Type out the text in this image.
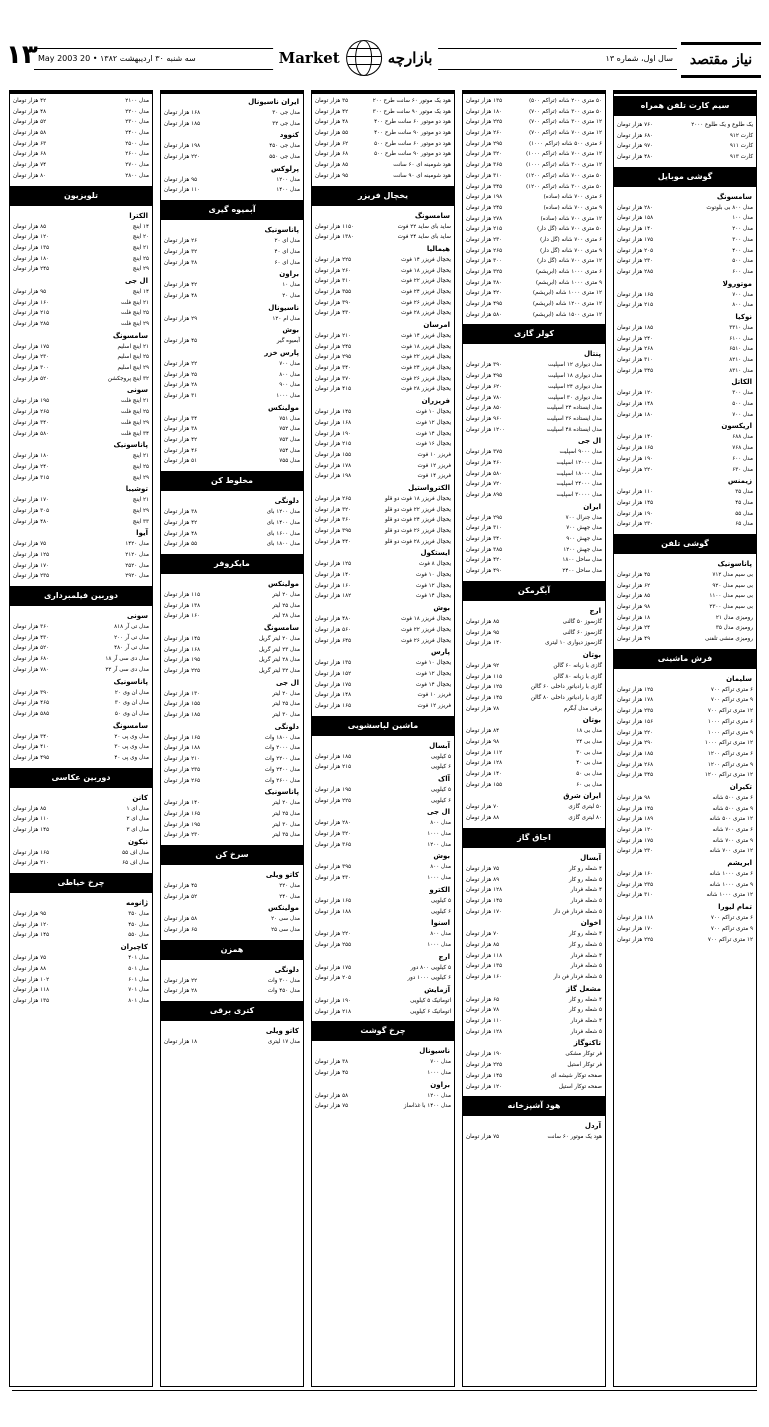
۱۳	نیاز مقتصد
سال اول، شماره ۱۳
Market	بازارچه
سه شنبه ۳۰ اردیبهشت ۱۳۸۲ • 20 May 2003
سیم کارت تلفن همراه
یک طلوع و یک طلوع ۲۰۰۰
۷۶۰ هزار تومان
کارت ۹۱۲
۶۸۰ هزار تومان
کارت ۹۱۱
۹۷۰ هزار تومان
کارت ۹۱۳
۴۸۰ هزار تومان
گوشی موبایل
سامسونگ
مدل ۸۰۰ بی بلوتوث
۲۸۰ هزار تومان
مدل ۱۰۰
۱۵۸ هزار تومان
مدل ۲۰۰
۱۴۰ هزار تومان
مدل ۳۰۰
۱۷۵ هزار تومان
مدل ۴۰۰
۲۰۵ هزار تومان
مدل ۵۰۰
۲۳۰ هزار تومان
مدل ۶۰۰
۲۸۵ هزار تومان
موتورولا
مدل ۷۰۰
۱۶۵ هزار تومان
مدل ۸۰۰
۲۱۵ هزار تومان
نوکیا
مدل ۳۳۱۰
۱۸۵ هزار تومان
مدل ۶۱۰۰
۲۴۰ هزار تومان
مدل ۶۵۱۰
۲۶۸ هزار تومان
مدل ۸۲۱۰
۳۱۰ هزار تومان
مدل ۸۳۱۰
۳۴۵ هزار تومان
الکاتل
مدل ۳۰۰
۱۲۰ هزار تومان
مدل ۵۰۰
۱۴۸ هزار تومان
مدل ۷۰۰
۱۸۰ هزار تومان
اریکسون
مدل ۶۸۸
۱۴۰ هزار تومان
مدل ۷۶۸
۱۶۵ هزار تومان
مدل ۶۰۰
۱۹۰ هزار تومان
مدل ۶۳۰
۲۲۰ هزار تومان
زیمنس
مدل ۳۵
۱۱۰ هزار تومان
مدل ۴۵
۱۴۵ هزار تومان
مدل ۵۵
۱۹۰ هزار تومان
مدل ۶۵
۲۳۰ هزار تومان
گوشی تلفن
پاناسونیک
بی سیم مدل ۷۱۲
۴۵ هزار تومان
بی سیم مدل ۹۲۰
۶۲ هزار تومان
بی سیم مدل ۱۱۰۰
۸۵ هزار تومان
بی سیم مدل ۲۳۰۰
۹۸ هزار تومان
رومیزی مدل ۲۱
۱۸ هزار تومان
رومیزی مدل ۳۵
۲۴ هزار تومان
رومیزی منشی تلفنی
۴۹ هزار تومان
فرش ماشینی
سلیمان
۶ متری تراکم ۷۰۰
۱۲۵ هزار تومان
۹ متری تراکم ۷۰۰
۱۷۸ هزار تومان
۱۲ متری تراکم ۷۰۰
۲۳۵ هزار تومان
۶ متری تراکم ۱۰۰۰
۱۵۶ هزار تومان
۹ متری تراکم ۱۰۰۰
۲۲۰ هزار تومان
۱۲ متری تراکم ۱۰۰۰
۲۹۰ هزار تومان
۶ متری تراکم ۱۲۰۰
۱۸۵ هزار تومان
۹ متری تراکم ۱۲۰۰
۲۶۸ هزار تومان
۱۲ متری تراکم ۱۲۰۰
۳۴۵ هزار تومان
تکیران
۶ متری ۵۰۰ شانه
۹۸ هزار تومان
۹ متری ۵۰۰ شانه
۱۴۵ هزار تومان
۱۲ متری ۵۰۰ شانه
۱۸۹ هزار تومان
۶ متری ۷۰۰ شانه
۱۲۰ هزار تومان
۹ متری ۷۰۰ شانه
۱۷۵ هزار تومان
۱۲ متری ۷۰۰ شانه
۲۳۰ هزار تومان
ابریشم
۶ متری ۱۰۰۰ شانه
۱۶۰ هزار تومان
۹ متری ۱۰۰۰ شانه
۲۳۵ هزار تومان
۱۲ متری ۱۰۰۰ شانه
۳۱۰ هزار تومان
تمام لیورا
۶ متری تراکم ۷۰۰
۱۱۸ هزار تومان
۹ متری تراکم ۷۰۰
۱۷۰ هزار تومان
۱۲ متری تراکم ۷۰۰
۲۲۵ هزار تومان
۵۰ متری ۲۰۰ شانه (تراکم ۵۰۰)
۱۳۵ هزار تومان
۵۰ متری ۳۰۰ شانه (تراکم ۷۰۰)
۱۸۰ هزار تومان
۱۲ متری ۳۰۰ شانه (تراکم ۷۰۰)
۲۲۵ هزار تومان
۱۲ متری ۷۰۰ شانه (تراکم ۷۰۰)
۲۶۰ هزار تومان
۶ متری ۵۰۰ شانه (تراکم ۱۰۰۰)
۲۹۵ هزار تومان
۱۲ متری ۷۰۰ شانه (تراکم ۱۰۰۰)
۳۲۰ هزار تومان
۱۲ متری ۳۰۰ شانه (تراکم ۱۰۰۰)
۳۶۵ هزار تومان
۵۰ متری ۷۰۰ شانه (تراکم ۱۲۰۰)
۳۱۰ هزار تومان
۵۰ متری ۳۰۰ شانه (تراکم ۱۲۰۰)
۳۴۵ هزار تومان
۶ متری ۷۰۰ شانه (ساده)
۱۹۸ هزار تومان
۹ متری ۷۰۰ شانه (ساده)
۲۴۵ هزار تومان
۱۲ متری ۷۰۰ شانه (ساده)
۲۷۸ هزار تومان
۵۰ متری ۷۰۰ شانه (گل دار)
۲۱۵ هزار تومان
۶ متری ۷۰۰ شانه (گل دار)
۲۳۰ هزار تومان
۹ متری ۷۰۰ شانه (گل دار)
۲۶۵ هزار تومان
۱۲ متری ۷۰۰ شانه (گل دار)
۳۰۰ هزار تومان
۶ متری ۱۰۰۰ شانه (ابریشم)
۳۲۵ هزار تومان
۹ متری ۱۰۰۰ شانه (ابریشم)
۳۸۰ هزار تومان
۱۲ متری ۱۰۰۰ شانه (ابریشم)
۴۲۰ هزار تومان
۱۲ متری ۱۲۰۰ شانه (ابریشم)
۴۹۵ هزار تومان
۱۲ متری ۱۵۰۰ شانه (ابریشم)
۵۸۰ هزار تومان
کولر گازی
پنتال
مدل دیواری ۱۲ اسپلیت
۳۹۰ هزار تومان
مدل دیواری ۱۸ اسپلیت
۴۹۵ هزار تومان
مدل دیواری ۲۴ اسپلیت
۶۲۰ هزار تومان
مدل دیواری ۳۰ اسپلیت
۷۸۰ هزار تومان
مدل ایستاده ۲۴ اسپلیت
۸۵۰ هزار تومان
مدل ایستاده ۳۶ اسپلیت
۹۶۰ هزار تومان
مدل ایستاده ۴۸ اسپلیت
۱۲۰۰ هزار تومان
ال جی
مدل ۹۰۰۰ اسپلیت
۳۷۵ هزار تومان
مدل ۱۲۰۰۰ اسپلیت
۴۶۰ هزار تومان
مدل ۱۸۰۰۰ اسپلیت
۵۸۰ هزار تومان
مدل ۲۴۰۰۰ اسپلیت
۷۲۰ هزار تومان
مدل ۳۰۰۰۰ اسپلیت
۸۹۵ هزار تومان
ایران
مدل جنرال ۷۰۰
۲۹۵ هزار تومان
مدل جهش ۷۰۰
۳۱۰ هزار تومان
مدل جهش ۹۰۰
۳۴۰ هزار تومان
مدل جهش ۱۲۰۰
۳۸۵ هزار تومان
مدل ساحل ۱۸۰۰
۴۲۰ هزار تومان
مدل ساحل ۲۴۰۰
۴۹۰ هزار تومان
آبگرمکن
ارج
گازسوز ۵۰ گالنی
۸۵ هزار تومان
گازسوز ۶۰ گالنی
۹۵ هزار تومان
گازسوز دیواری ۱۰ لیتری
۱۴۰ هزار تومان
بوتان
گازی با زبانه ۶۰ گالن
۹۲ هزار تومان
گازی با زبانه ۸۰ گالن
۱۱۵ هزار تومان
گازی با رادیاتور داخلی ۶۰ گالن
۱۲۵ هزار تومان
گازی با رادیاتور داخلی ۸۰ گالن
۱۴۵ هزار تومان
برقی مدل آبگرم
۷۸ هزار تومان
بوتان
مدل بی ۱۸
۸۴ هزار تومان
مدل بی ۲۴
۹۸ هزار تومان
مدل بی ۳۰
۱۱۲ هزار تومان
مدل بی ۴۰
۱۲۸ هزار تومان
مدل بی ۵۰
۱۴۰ هزار تومان
مدل بی ۶۰
۱۵۵ هزار تومان
ایران شرق
۵۰ لیتری گازی
۷۰ هزار تومان
۸۰ لیتری گازی
۸۸ هزار تومان
اجاق گاز
آبسال
۴ شعله رو کار
۷۵ هزار تومان
۵ شعله رو کار
۸۹ هزار تومان
۴ شعله فردار
۱۲۸ هزار تومان
۵ شعله فردار
۱۴۵ هزار تومان
۵ شعله فردار فن دار
۱۷۰ هزار تومان
اخوان
۴ شعله رو کار
۷۰ هزار تومان
۵ شعله رو کار
۸۵ هزار تومان
۴ شعله فردار
۱۱۸ هزار تومان
۵ شعله فردار
۱۳۵ هزار تومان
۵ شعله فردار فن دار
۱۶۰ هزار تومان
مشعل گاز
۴ شعله رو کار
۶۵ هزار تومان
۵ شعله رو کار
۷۸ هزار تومان
۴ شعله فردار
۱۱۰ هزار تومان
۵ شعله فردار
۱۲۸ هزار تومان
تاکنوگاز
فر توکار مشکی
۱۹۰ هزار تومان
فر توکار استیل
۲۲۵ هزار تومان
صفحه توکار شیشه ای
۱۴۵ هزار تومان
صفحه توکار استیل
۱۲۰ هزار تومان
هود آشپزخانه
آردل
هود یک موتور ۶۰ سانت
۷۵ هزار تومان
هود یک موتور ۶۰ سانت طرح ۲۰۰
۳۵ هزار تومان
هود یک موتور ۹۰ سانت طرح ۳۰۰
۴۲ هزار تومان
هود دو موتور ۶۰ سانت طرح ۴۰۰
۴۸ هزار تومان
هود دو موتور ۹۰ سانت طرح ۴۰۰
۵۵ هزار تومان
هود دو موتور ۶۰ سانت طرح ۵۰۰
۶۲ هزار تومان
هود دو موتور ۹۰ سانت طرح ۵۰۰
۶۸ هزار تومان
هود شومینه ای ۶۰ سانت
۸۵ هزار تومان
هود شومینه ای ۹۰ سانت
۹۵ هزار تومان
یخچال فریزر
سامسونگ
ساید بای ساید ۲۲ فوت
۱۱۵۰ هزار تومان
ساید بای ساید ۲۴ فوت
۱۳۸۰ هزار تومان
هیمالیا
یخچال فریزر ۱۴ فوت
۲۲۵ هزار تومان
یخچال فریزر ۱۸ فوت
۲۶۰ هزار تومان
یخچال فریزر ۲۲ فوت
۳۱۰ هزار تومان
یخچال فریزر ۲۴ فوت
۳۵۵ هزار تومان
یخچال فریزر ۲۶ فوت
۳۹۰ هزار تومان
یخچال فریزر ۲۸ فوت
۴۳۰ هزار تومان
امرسان
یخچال فریزر ۱۴ فوت
۲۱۰ هزار تومان
یخچال فریزر ۱۸ فوت
۲۴۵ هزار تومان
یخچال فریزر ۲۲ فوت
۲۹۵ هزار تومان
یخچال فریزر ۲۴ فوت
۳۴۰ هزار تومان
یخچال فریزر ۲۶ فوت
۳۷۰ هزار تومان
یخچال فریزر ۲۸ فوت
۴۱۵ هزار تومان
فریزران
یخچال ۱۰ فوت
۱۴۵ هزار تومان
یخچال ۱۲ فوت
۱۶۸ هزار تومان
یخچال ۱۴ فوت
۱۹۰ هزار تومان
یخچال ۱۶ فوت
۲۱۵ هزار تومان
فریزر ۱۰ فوت
۱۵۵ هزار تومان
فریزر ۱۲ فوت
۱۷۸ هزار تومان
فریزر ۱۴ فوت
۱۹۸ هزار تومان
الکترواستیل
یخچال فریزر ۱۸ فوت دو قلو
۲۶۵ هزار تومان
یخچال فریزر ۲۲ فوت دو قلو
۳۲۰ هزار تومان
یخچال فریزر ۲۴ فوت دو قلو
۳۶۰ هزار تومان
یخچال فریزر ۲۶ فوت دو قلو
۳۹۵ هزار تومان
یخچال فریزر ۲۸ فوت دو قلو
۴۴۰ هزار تومان
ایستکول
یخچال ۸ فوت
۱۲۵ هزار تومان
یخچال ۱۰ فوت
۱۴۰ هزار تومان
یخچال ۱۲ فوت
۱۶۰ هزار تومان
یخچال ۱۴ فوت
۱۸۲ هزار تومان
بوش
یخچال فریزر ۱۸ فوت
۴۸۰ هزار تومان
یخچال فریزر ۲۲ فوت
۵۶۰ هزار تومان
یخچال فریزر ۲۶ فوت
۶۴۵ هزار تومان
پارس
یخچال ۱۰ فوت
۱۳۵ هزار تومان
یخچال ۱۲ فوت
۱۵۲ هزار تومان
یخچال ۱۴ فوت
۱۷۵ هزار تومان
فریزر ۱۰ فوت
۱۴۸ هزار تومان
فریزر ۱۲ فوت
۱۶۵ هزار تومان
ماشین لباسشویی
آبسال
۵ کیلویی
۱۸۵ هزار تومان
۶ کیلویی
۲۱۵ هزار تومان
آاک
۵ کیلویی
۱۹۵ هزار تومان
۶ کیلویی
۲۲۵ هزار تومان
ال جی
مدل ۸۰۰
۲۸۰ هزار تومان
مدل ۱۰۰۰
۳۲۰ هزار تومان
مدل ۱۲۰۰
۳۶۵ هزار تومان
بوش
مدل ۸۰۰
۳۹۵ هزار تومان
مدل ۱۰۰۰
۴۳۰ هزار تومان
الکترو
۵ کیلویی
۱۶۵ هزار تومان
۶ کیلویی
۱۸۸ هزار تومان
اسنوا
مدل ۸۰۰
۲۲۰ هزار تومان
مدل ۱۰۰۰
۲۵۵ هزار تومان
ارج
۵ کیلویی ۸۰۰ دور
۱۷۵ هزار تومان
۶ کیلویی ۱۰۰۰ دور
۲۰۵ هزار تومان
آزمایش
اتوماتیک ۵ کیلویی
۱۹۰ هزار تومان
اتوماتیک ۶ کیلویی
۲۱۸ هزار تومان
چرخ گوشت
ناسیونال
مدل ۷۰۰
۳۸ هزار تومان
مدل ۱۰۰۰
۴۵ هزار تومان
براون
مدل ۱۲۰۰
۵۸ هزار تومان
مدل ۱۴۰۰ با غذاساز
۷۵ هزار تومان
ایران ناسیونال
مدل جی ۳۰
۱۶۸ هزار تومان
مدل جی ۳۲
۱۸۵ هزار تومان
کنوود
مدل جی ۴۵۰
۱۹۸ هزار تومان
مدل جی ۵۵۰
۲۲۰ هزار تومان
پرلوکس
مدل ۱۲۰۰
۹۵ هزار تومان
مدل ۱۴۰۰
۱۱۰ هزار تومان
آبمیوه گیری
پاناسونیک
مدل ای ۲۰
۲۶ هزار تومان
مدل ای ۴۰
۳۲ هزار تومان
مدل ای ۶۰
۳۸ هزار تومان
براون
مدل ۱۰
۴۲ هزار تومان
مدل ۲۰
۴۸ هزار تومان
ناسیونال
مدل ام ۱۲۰
۲۹ هزار تومان
بوش
آبمیوه گیر
۴۵ هزار تومان
پارس خزر
مدل ۷۰۰
۲۲ هزار تومان
مدل ۸۰۰
۲۵ هزار تومان
مدل ۹۰۰
۲۸ هزار تومان
مدل ۱۰۰۰
۳۱ هزار تومان
مولینکس
مدل ۷۵۱
۳۴ هزار تومان
مدل ۷۵۲
۳۸ هزار تومان
مدل ۷۵۳
۴۲ هزار تومان
مدل ۷۵۴
۴۶ هزار تومان
مدل ۷۵۵
۵۱ هزار تومان
مخلوط کن
دلونگی
مدل ۱۲۰۰ بای
۳۸ هزار تومان
مدل ۱۴۰۰ بای
۴۲ هزار تومان
مدل ۱۶۰۰ بای
۴۸ هزار تومان
مدل ۱۸۰۰ بای
۵۵ هزار تومان
مایکروفر
مولینکس
مدل ۲۰ لیتر
۱۱۵ هزار تومان
مدل ۲۵ لیتر
۱۳۸ هزار تومان
مدل ۲۸ لیتر
۱۶۰ هزار تومان
سامسونگ
مدل ۲۰ لیتر گریل
۱۴۵ هزار تومان
مدل ۲۳ لیتر گریل
۱۶۸ هزار تومان
مدل ۲۸ لیتر گریل
۱۹۵ هزار تومان
مدل ۳۲ لیتر گریل
۲۲۵ هزار تومان
ال جی
مدل ۲۰ لیتر
۱۳۰ هزار تومان
مدل ۲۵ لیتر
۱۵۵ هزار تومان
مدل ۳۰ لیتر
۱۸۵ هزار تومان
دلونگی
مدل ۱۸۰۰ وات
۱۶۵ هزار تومان
مدل ۲۰۰۰ وات
۱۸۸ هزار تومان
مدل ۲۲۰۰ وات
۲۱۰ هزار تومان
مدل ۲۴۰۰ وات
۲۳۵ هزار تومان
مدل ۲۶۰۰ وات
۲۶۵ هزار تومان
پاناسونیک
مدل ۲۰ لیتر
۱۴۰ هزار تومان
مدل ۲۵ لیتر
۱۶۵ هزار تومان
مدل ۳۰ لیتر
۱۹۵ هزار تومان
مدل ۳۵ لیتر
۲۳۰ هزار تومان
سرخ کن
کاتو ویلی
مدل ۲۲۰
۴۵ هزار تومان
مدل ۲۴۰
۵۲ هزار تومان
مولینکس
مدل سی ۲۰
۵۸ هزار تومان
مدل سی ۲۵
۶۵ هزار تومان
همزن
دلونگی
مدل ۳۰۰ وات
۲۲ هزار تومان
مدل ۴۵۰ وات
۲۸ هزار تومان
کتری برقی
کاتو ویلی
مدل ۱۷ لیتری
۱۸ هزار تومان
مدل ۲۱۰۰
۴۲ هزار تومان
مدل ۲۲۰۰
۴۸ هزار تومان
مدل ۲۳۰۰
۵۲ هزار تومان
مدل ۲۴۰۰
۵۸ هزار تومان
مدل ۲۵۰۰
۶۳ هزار تومان
مدل ۲۶۰۰
۶۸ هزار تومان
مدل ۲۷۰۰
۷۴ هزار تومان
مدل ۲۸۰۰
۸۰ هزار تومان
تلویزیون
الکترا
۱۴ اینچ
۸۵ هزار تومان
۲۰ اینچ
۱۲۰ هزار تومان
۲۱ اینچ
۱۳۵ هزار تومان
۲۵ اینچ
۱۸۰ هزار تومان
۲۹ اینچ
۲۴۵ هزار تومان
ال جی
۱۴ اینچ
۹۵ هزار تومان
۲۱ اینچ فلت
۱۶۰ هزار تومان
۲۵ اینچ فلت
۲۱۵ هزار تومان
۲۹ اینچ فلت
۲۸۵ هزار تومان
سامسونگ
۲۱ اینچ اسلیم
۱۷۵ هزار تومان
۲۵ اینچ اسلیم
۲۳۰ هزار تومان
۲۹ اینچ اسلیم
۳۰۰ هزار تومان
۳۲ اینچ پروجکشن
۵۲۰ هزار تومان
سونی
۲۱ اینچ فلت
۱۹۵ هزار تومان
۲۵ اینچ فلت
۲۶۵ هزار تومان
۲۹ اینچ فلت
۳۴۰ هزار تومان
۳۴ اینچ فلت
۵۸۰ هزار تومان
پاناسونیک
۲۱ اینچ
۱۸۰ هزار تومان
۲۵ اینچ
۲۴۰ هزار تومان
۲۹ اینچ
۳۱۵ هزار تومان
توشیبا
۲۱ اینچ
۱۷۰ هزار تومان
۲۹ اینچ
۳۰۵ هزار تومان
۳۳ اینچ
۴۸۰ هزار تومان
آیوا
مدل ۱۴۲۰
۷۵ هزار تومان
مدل ۲۱۲۰
۱۲۵ هزار تومان
مدل ۲۵۲۰
۱۷۰ هزار تومان
مدل ۲۹۲۰
۲۳۵ هزار تومان
دوربین فیلمبرداری
سونی
مدل تی آر ۸۱۸
۳۶۰ هزار تومان
مدل تی آر ۲۰۰
۴۳۰ هزار تومان
مدل تی آر ۴۸۰
۵۲۰ هزار تومان
مدل دی سی آر ۱۸
۶۸۰ هزار تومان
مدل دی سی آر ۲۲
۷۸۰ هزار تومان
پاناسونیک
مدل ان وی ۲۰
۳۹۰ هزار تومان
مدل ان وی ۳۰
۴۶۵ هزار تومان
مدل ان وی ۵۰
۵۸۵ هزار تومان
سامسونگ
مدل وی پی ۲۰
۳۴۰ هزار تومان
مدل وی پی ۳۰
۴۱۰ هزار تومان
مدل وی پی ۴۰
۴۹۵ هزار تومان
دوربین عکاسی
کانن
مدل ای ۱
۸۵ هزار تومان
مدل ای ۲
۱۱۰ هزار تومان
مدل ای ۳
۱۴۵ هزار تومان
نیکون
مدل اف ۵۵
۱۶۵ هزار تومان
مدل اف ۶۵
۲۱۰ هزار تومان
چرخ خیاطی
ژانومه
مدل ۳۵۰
۹۵ هزار تومان
مدل ۴۵۰
۱۲۰ هزار تومان
مدل ۵۵۰
۱۴۵ هزار تومان
کاچیران
مدل ۴۰۱
۷۵ هزار تومان
مدل ۵۰۱
۸۸ هزار تومان
مدل ۶۰۱
۱۰۲ هزار تومان
مدل ۷۰۱
۱۱۸ هزار تومان
مدل ۸۰۱
۱۳۵ هزار تومان
